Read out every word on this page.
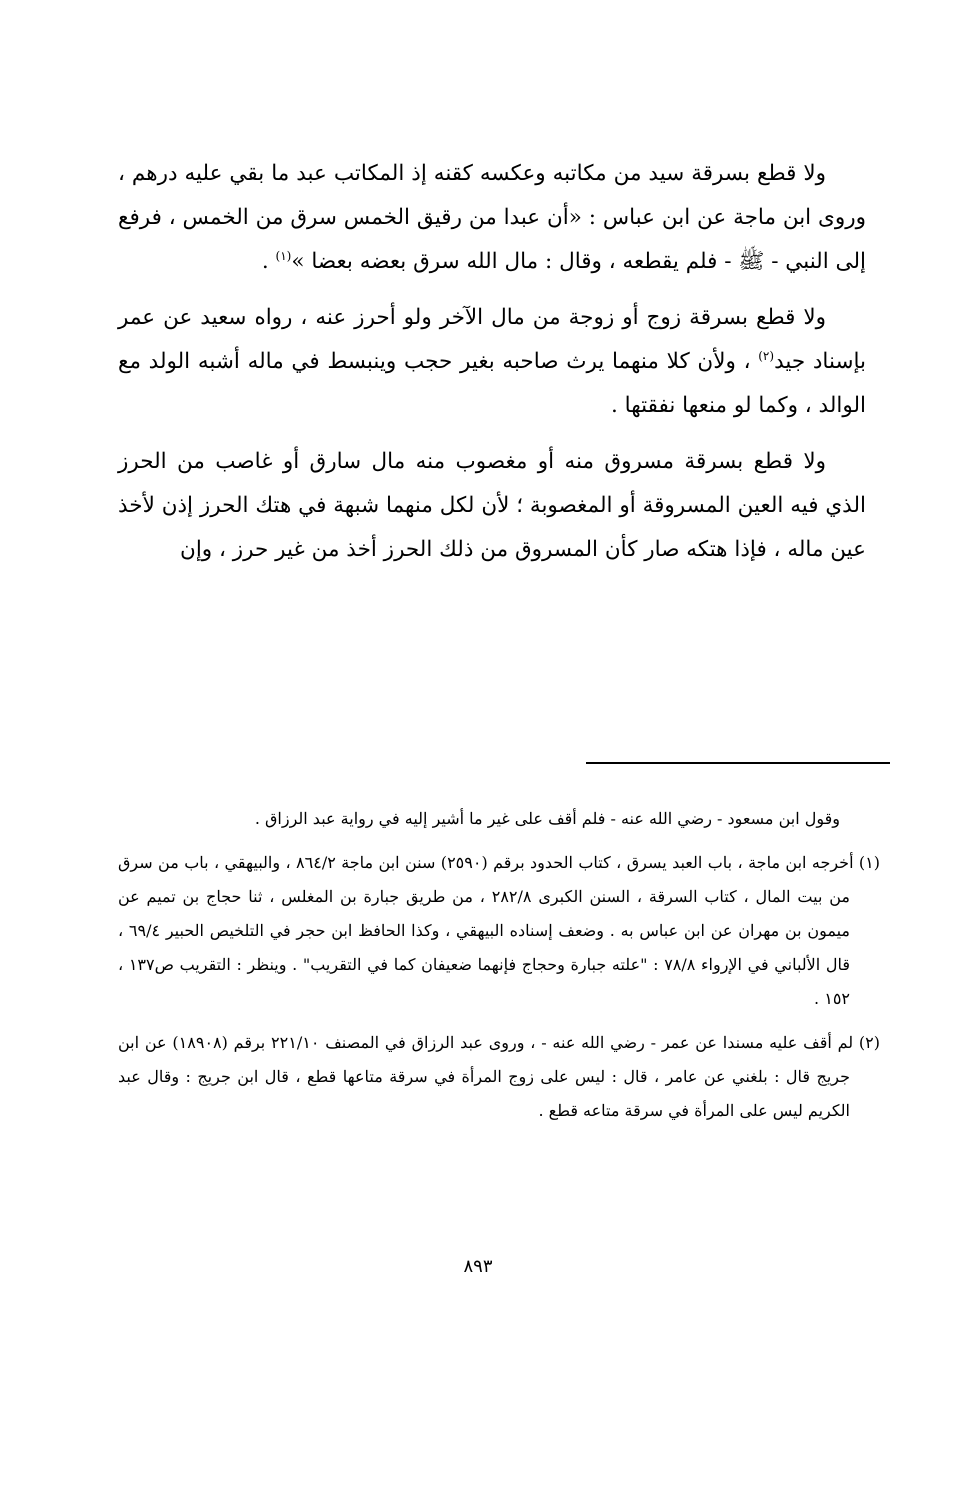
ولا قطع بسرقة سيد من مكاتبه وعكسه كقنه إذ المكاتب عبد ما بقي عليه درهم ، وروى ابن ماجة عن ابن عباس : «أن عبدا من رقيق الخمس سرق من الخمس ، فرفع إلى النبي - ﷺ - فلم يقطعه ، وقال : مال الله سرق بعضه بعضا »$^{(١)}$ .

ولا قطع بسرقة زوج أو زوجة من مال الآخر ولو أحرز عنه ، رواه سعيد عن عمر بإسناد جيد$^{(٢)}$ ، ولأن كلا منهما يرث صاحبه بغير حجب وينبسط في ماله أشبه الولد مع الوالد ، وكما لو منعها نفقتها .

ولا قطع بسرقة مسروق منه أو مغصوب منه مال سارق أو غاصب من الحرز الذي فيه العين المسروقة أو المغصوبة ؛ لأن لكل منهما شبهة في هتك الحرز إذن لأخذ عين ماله ، فإذا هتكه صار كأن المسروق من ذلك الحرز أخذ من غير حرز ، وإن

وقول ابن مسعود - رضي الله عنه - فلم أقف على غير ما أشير إليه في رواية عبد الرزاق .

(١) أخرجه ابن ماجة ، باب العبد يسرق ، كتاب الحدود برقم (٢٥٩٠) سنن ابن ماجة ٨٦٤/٢ ، والبيهقي ، باب من سرق من بيت المال ، كتاب السرقة ، السنن الكبرى ٢٨٢/٨ ، من طريق جبارة بن المغلس ، ثنا حجاج بن تميم عن ميمون بن مهران عن ابن عباس به . وضعف إسناده البيهقي ، وكذا الحافظ ابن حجر في التلخيص الحبير ٦٩/٤ ، قال الألباني في الإرواء ٧٨/٨ : "علته جبارة وحجاج فإنهما ضعيفان كما في التقريب" . وينظر : التقريب ص١٣٧ ، ١٥٢ .

(٢) لم أقف عليه مسندا عن عمر - رضي الله عنه - ، وروى عبد الرزاق في المصنف ٢٢١/١٠ برقم (١٨٩٠٨) عن ابن جريج قال : بلغني عن عامر ، قال : ليس على زوج المرأة في سرقة متاعها قطع ، قال ابن جريج : وقال عبد الكريم ليس على المرأة في سرقة متاعه قطع .

٨٩٣
